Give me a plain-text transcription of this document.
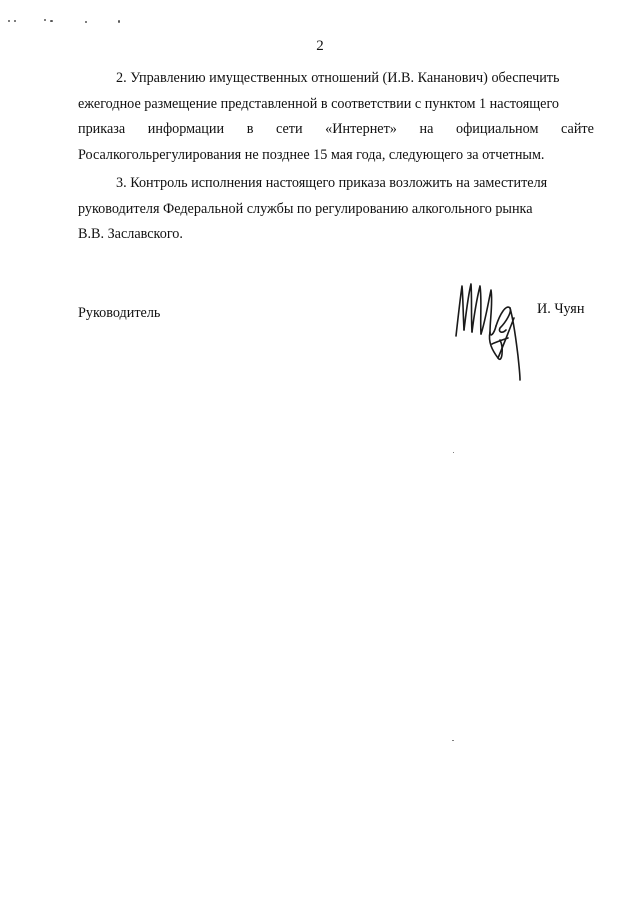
2

2. Управлению имущественных отношений (И.В. Кананович) обеспечить
ежегодное размещение представленной в соответствии с пунктом 1 настоящего
приказа информации в сети «Интернет» на официальном сайте
Росалкогольрегулирования не позднее 15 мая года, следующего за отчетным.

3. Контроль исполнения настоящего приказа возложить на заместителя
руководителя Федеральной службы по регулированию алкогольного рынка
В.В. Заславского.

Руководитель	И. Чуян
